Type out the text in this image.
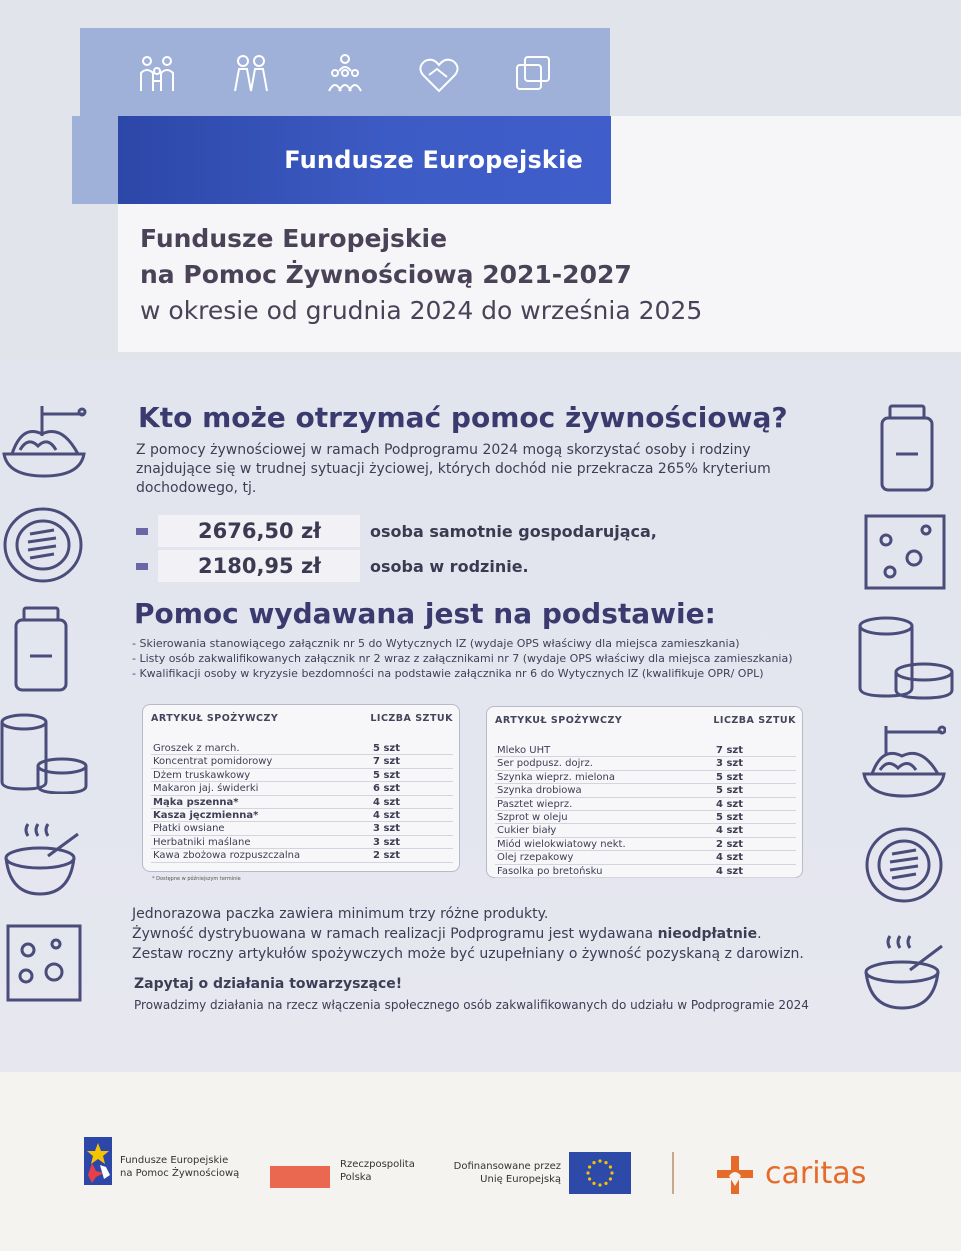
Fundusze Europejskie
Fundusze Europejskie
na Pomoc Żywnościową 2021-2027
w okresie od grudnia 2024 do września 2025
Kto może otrzymać pomoc żywnościową?
Z pomocy żywnościowej w ramach Podprogramu 2024 mogą skorzystać osoby i rodziny znajdujące się w trudnej sytuacji życiowej, których dochód nie przekracza 265% kryterium dochodowego, tj.
2676,50 zł	osoba samotnie gospodarująca,
2180,95 zł	osoba w rodzinie.
Pomoc wydawana jest na podstawie:
- Skierowania stanowiącego załącznik nr 5 do Wytycznych IZ (wydaje OPS właściwy dla miejsca zamieszkania)
- Listy osób zakwalifikowanych załącznik nr 2 wraz z załącznikami nr 7 (wydaje OPS właściwy dla miejsca zamieszkania)
- Kwalifikacji osoby w kryzysie bezdomności na podstawie załącznika nr 6 do Wytycznych IZ (kwalifikuje OPR/ OPL)
ARTYKUŁ SPOŻYWCZY	LICZBA SZTUK
Groszek z march.	5 szt
Koncentrat pomidorowy	7 szt
Dżem truskawkowy	5 szt
Makaron jaj. świderki	6 szt
Mąka pszenna*	4 szt
Kasza jęczmienna*	4 szt
Płatki owsiane	3 szt
Herbatniki maślane	3 szt
Kawa zbożowa rozpuszczalna	2 szt
ARTYKUŁ SPOŻYWCZY	LICZBA SZTUK
Mleko UHT	7 szt
Ser podpusz. dojrz.	3 szt
Szynka wieprz. mielona	5 szt
Szynka drobiowa	5 szt
Pasztet wieprz.	4 szt
Szprot w oleju	5 szt
Cukier biały	4 szt
Miód wielokwiatowy nekt.	2 szt
Olej rzepakowy	4 szt
Fasolka po bretońsku	4 szt
* Dostępne w późniejszym terminie
Jednorazowa paczka zawiera minimum trzy różne produkty.
Żywność dystrybuowana w ramach realizacji Podprogramu jest wydawana nieodpłatnie.
Zestaw roczny artykułów spożywczych może być uzupełniany o żywność pozyskaną z darowizn.
Zapytaj o działania towarzyszące!
Prowadzimy działania na rzecz włączenia społecznego osób zakwalifikowanych do udziału w Podprogramie 2024
Fundusze Europejskie
na Pomoc Żywnościową
Rzeczpospolita
Polska
Dofinansowane przez
Unię Europejską	caritas
